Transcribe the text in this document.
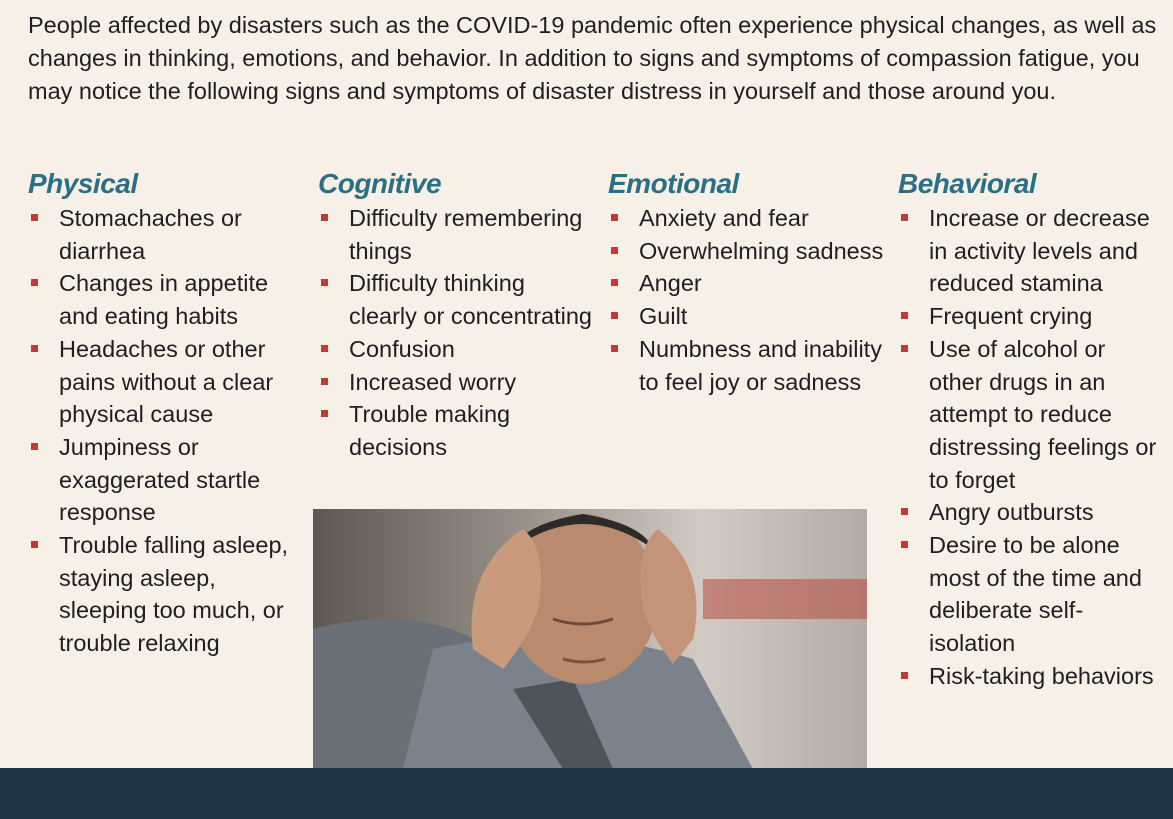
People affected by disasters such as the COVID-19 pandemic often experience physical changes, as well as changes in thinking, emotions, and behavior. In addition to signs and symptoms of compassion fatigue, you may notice the following signs and symptoms of disaster distress in yourself and those around you.

Physical
Stomachaches or diarrhea
Changes in appetite and eating habits
Headaches or other pains without a clear physical cause
Jumpiness or exaggerated startle response
Trouble falling asleep, staying asleep, sleeping too much, or trouble relaxing
Cognitive
Difficulty remembering things
Difficulty thinking clearly or concentrating
Confusion
Increased worry
Trouble making decisions
Emotional
Anxiety and fear
Overwhelming sadness
Anger
Guilt
Numbness and inability to feel joy or sadness
Behavioral
Increase or decrease in activity levels and reduced stamina
Frequent crying
Use of alcohol or other drugs in an attempt to reduce distressing feelings or to forget
Angry outbursts
Desire to be alone most of the time and deliberate self-isolation
Risk-taking behaviors
